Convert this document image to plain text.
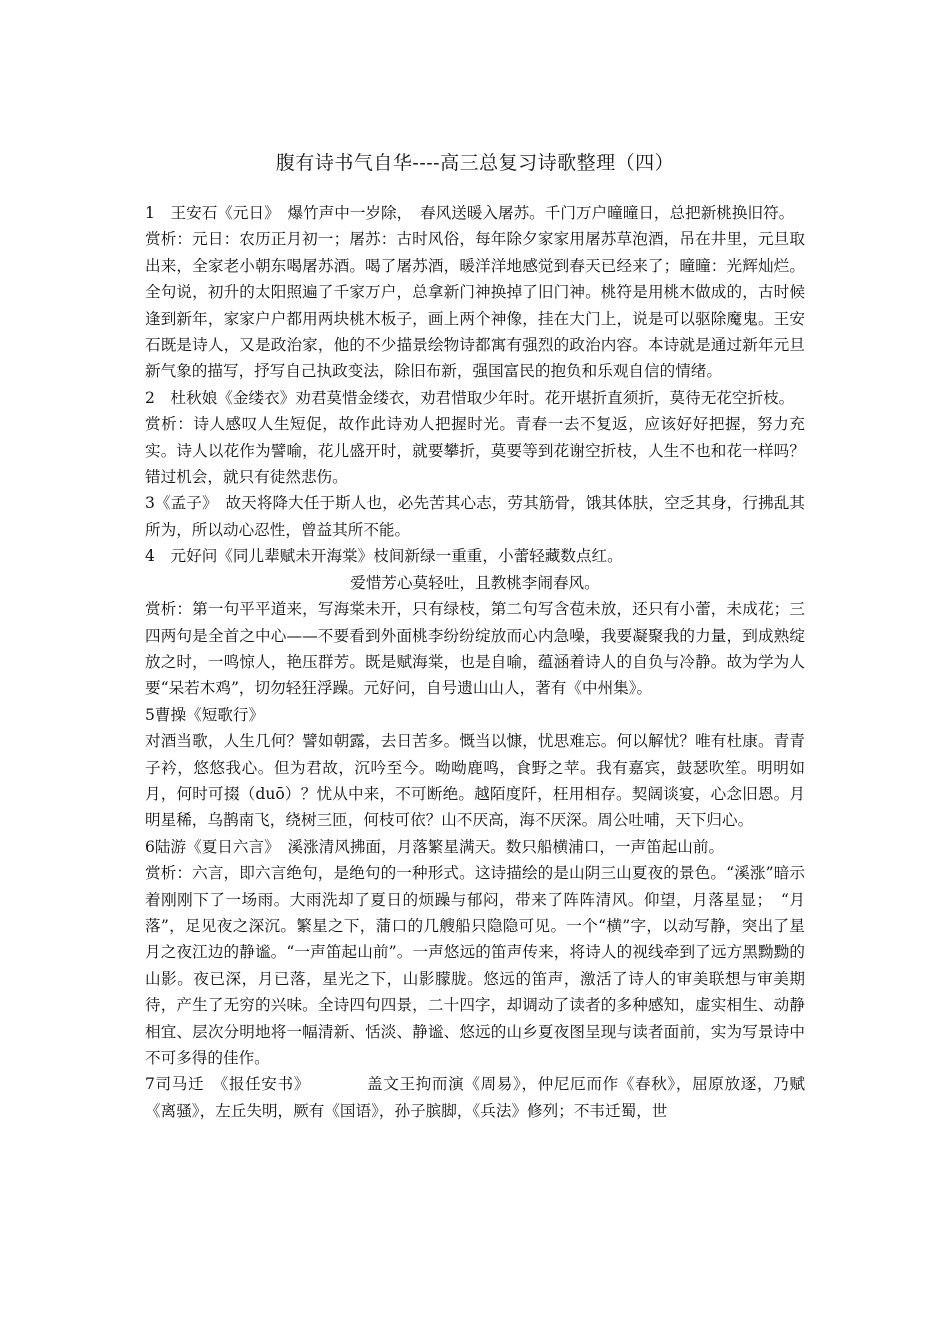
腹有诗书气自华----高三总复习诗歌整理（四）

1　王安石《元日》　爆竹声中一岁除，　春风送暖入屠苏。千门万户曈曈日，总把新桃换旧符。

赏析：元日：农历正月初一；屠苏：古时风俗，每年除夕家家用屠苏草泡酒，吊在井里，元旦取出来，全家老小朝东喝屠苏酒。喝了屠苏酒，暖洋洋地感觉到春天已经来了；曈曈：光辉灿烂。全句说，初升的太阳照遍了千家万户，总拿新门神换掉了旧门神。桃符是用桃木做成的，古时候逢到新年，家家户户都用两块桃木板子，画上两个神像，挂在大门上，说是可以驱除魔鬼。王安石既是诗人，又是政治家，他的不少描景绘物诗都寓有强烈的政治内容。本诗就是通过新年元旦新气象的描写，抒写自己执政变法，除旧布新，强国富民的抱负和乐观自信的情绪。

2　杜秋娘《金缕衣》劝君莫惜金缕衣，劝君惜取少年时。花开堪折直须折，莫待无花空折枝。

赏析：诗人感叹人生短促，故作此诗劝人把握时光。青春一去不复返，应该好好把握，努力充实。诗人以花作为譬喻，花儿盛开时，就要攀折，莫要等到花谢空折枝，人生不也和花一样吗？错过机会，就只有徒然悲伤。

3《孟子》　故天将降大任于斯人也，必先苦其心志，劳其筋骨，饿其体肤，空乏其身，行拂乱其所为，所以动心忍性，曾益其所不能。

4　元好问《同儿辈赋未开海棠》枝间新绿一重重，小蕾轻藏数点红。

爱惜芳心莫轻吐，且教桃李闹春风。

赏析：第一句平平道来，写海棠未开，只有绿枝，第二句写含苞未放，还只有小蕾，未成花；三四两句是全首之中心——不要看到外面桃李纷纷绽放而心内急噪，我要凝聚我的力量，到成熟绽放之时，一鸣惊人，艳压群芳。既是赋海棠，也是自喻，蕴涵着诗人的自负与冷静。故为学为人要“呆若木鸡”，切勿轻狂浮躁。元好问，自号遗山山人，著有《中州集》。

5曹操《短歌行》

对酒当歌，人生几何？譬如朝露，去日苦多。慨当以慷，忧思难忘。何以解忧？唯有杜康。青青子衿，悠悠我心。但为君故，沉吟至今。呦呦鹿鸣，食野之苹。我有嘉宾，鼓瑟吹笙。明明如月，何时可掇（duō）？忧从中来，不可断绝。越陌度阡，枉用相存。契阔谈宴，心念旧恩。月明星稀，乌鹊南飞，绕树三匝，何枝可依？山不厌高，海不厌深。周公吐哺，天下归心。

6陆游《夏日六言》　溪涨清风拂面，月落繁星满天。数只船横浦口，一声笛起山前。

赏析：六言，即六言绝句，是绝句的一种形式。这诗描绘的是山阴三山夏夜的景色。“溪涨”暗示着刚刚下了一场雨。大雨洗却了夏日的烦躁与郁闷，带来了阵阵清风。仰望，月落星显；　“月落”，足见夜之深沉。繁星之下，蒲口的几艘船只隐隐可见。一个“横”字，以动写静，突出了星月之夜江边的静谧。“一声笛起山前”。一声悠远的笛声传来，将诗人的视线牵到了远方黑黝黝的山影。夜已深，月已落，星光之下，山影朦胧。悠远的笛声，激活了诗人的审美联想与审美期待，产生了无穷的兴味。全诗四句四景，二十四字，却调动了读者的多种感知，虚实相生、动静相宜、层次分明地将一幅清新、恬淡、静谧、悠远的山乡夏夜图呈现与读者面前，实为写景诗中不可多得的佳作。

7司马迁　《报任安书》　　　　盖文王拘而演《周易》，仲尼厄而作《春秋》，屈原放逐，乃赋《离骚》，左丘失明，厥有《国语》，孙子膑脚，《兵法》修列；不韦迁蜀，世
